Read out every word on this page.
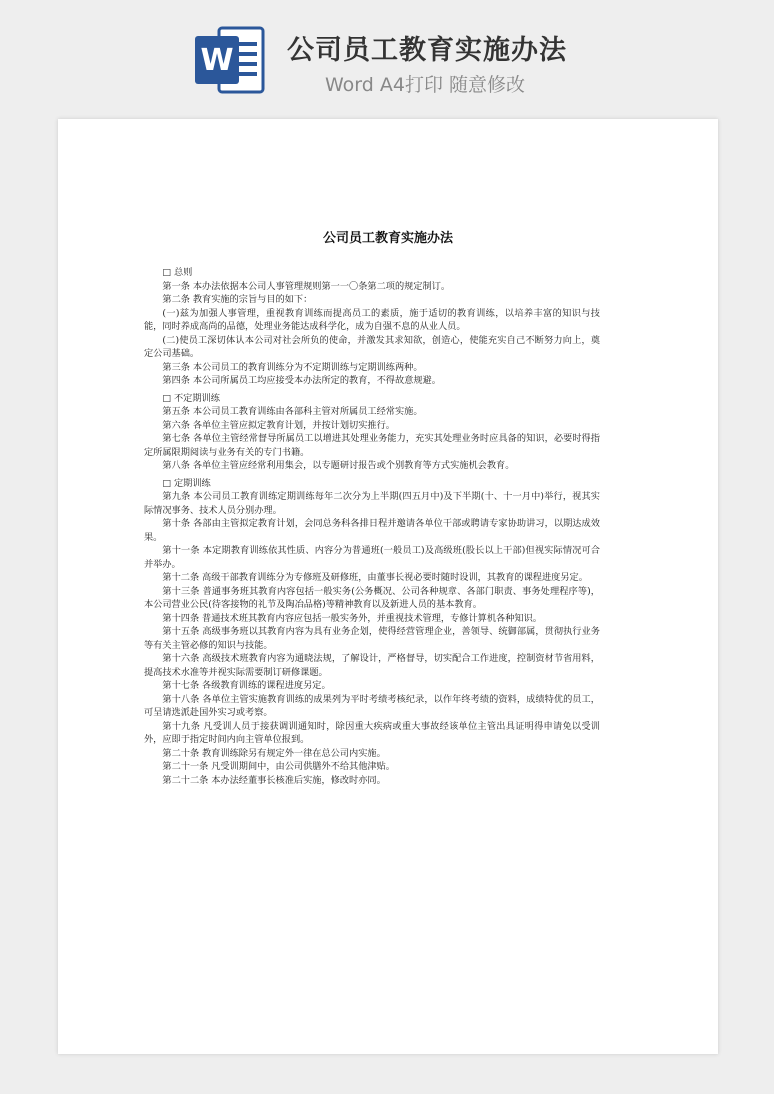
W 公司员工教育实施办法
Word A4打印 随意修改
公司员工教育实施办法

□ 总则

第一条 本办法依据本公司人事管理规则第一一〇条第二项的规定制订。

第二条 教育实施的宗旨与目的如下：

(一)兹为加强人事管理，重视教育训练而提高员工的素质，施于适切的教育训练，以培养丰富的知识与技能，同时养成高尚的品德，处理业务能达成科学化，成为自强不息的从业人员。

(二)使员工深切体认本公司对社会所负的使命，并激发其求知欲，创造心，使能充实自己不断努力向上，奠定公司基础。

第三条 本公司员工的教育训练分为不定期训练与定期训练两种。

第四条 本公司所属员工均应接受本办法所定的教育，不得故意规避。

□ 不定期训练

第五条 本公司员工教育训练由各部科主管对所属员工经常实施。

第六条 各单位主管应拟定教育计划，并按计划切实推行。

第七条 各单位主管经常督导所属员工以增进其处理业务能力，充实其处理业务时应具备的知识，必要时得指定所属限期阅读与业务有关的专门书籍。

第八条 各单位主管应经常利用集会，以专题研讨报告或个别教育等方式实施机会教育。

□ 定期训练

第九条 本公司员工教育训练定期训练每年二次分为上半期(四五月中)及下半期(十、十一月中)举行，视其实际情况事务、技术人员分别办理。

第十条 各部由主管拟定教育计划，会同总务科各排日程并邀请各单位干部或聘请专家协助讲习，以期达成效果。

第十一条 本定期教育训练依其性质、内容分为普通班(一般员工)及高级班(股长以上干部)但视实际情况可合并举办。

第十二条 高级干部教育训练分为专修班及研修班，由董事长视必要时随时设训，其教育的课程进度另定。

第十三条 普通事务班其教育内容包括一般实务(公务概况、公司各种规章、各部门职责、事务处理程序等)，本公司营业公民(待客接物的礼节及陶冶品格)等精神教育以及新进人员的基本教育。

第十四条 普通技术班其教育内容应包括一般实务外，并重视技术管理，专修计算机各种知识。

第十五条 高级事务班以其教育内容为具有业务企划，使得经营管理企业，善领导、统御部属，贯彻执行业务等有关主管必修的知识与技能。

第十六条 高级技术班教育内容为通晓法规，了解设计，严格督导，切实配合工作进度，控制资材节省用料，提高技术水准等并视实际需要制订研修课题。

第十七条 各级教育训练的课程进度另定。

第十八条 各单位主管实施教育训练的成果列为平时考绩考核纪录，以作年终考绩的资料，成绩特优的员工，可呈请选派赴国外实习或考察。

第十九条 凡受训人员于接获调训通知时，除因重大疾病或重大事故经该单位主管出具证明得申请免以受训外，应即于指定时间内向主管单位报到。

第二十条 教育训练除另有规定外一律在总公司内实施。

第二十一条 凡受训期间中，由公司供膳外不给其他津贴。

第二十二条 本办法经董事长核准后实施，修改时亦同。
